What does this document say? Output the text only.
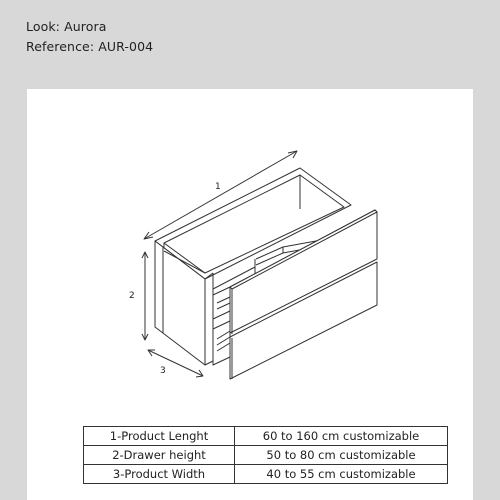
Look: Aurora
Reference: AUR-004
1
2
3
1-Product Lenght	60 to 160 cm customizable
2-Drawer height	50 to 80 cm customizable
3-Product Width	40 to 55 cm customizable
